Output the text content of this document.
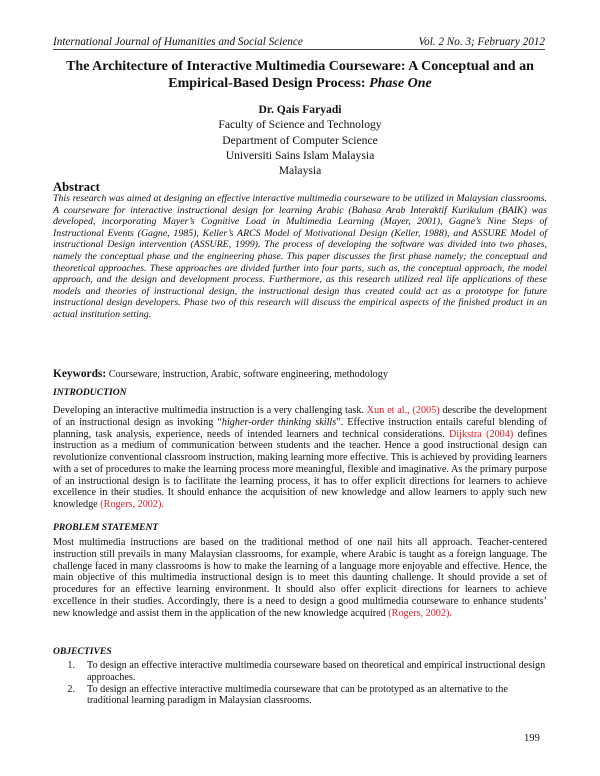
International Journal of Humanities and Social Science	Vol. 2 No. 3; February 2012
The Architecture of Interactive Multimedia Courseware: A Conceptual and an Empirical-Based Design Process: Phase One
Dr. Qais Faryadi
Faculty of Science and Technology
Department of Computer Science
Universiti Sains Islam Malaysia
Malaysia
Abstract
This research was aimed at designing an effective interactive multimedia courseware to be utilized in Malaysian classrooms. A courseware for interactive instructional design for learning Arabic (Bahasa Arab Interaktif Kurikulum (BAIK) was developed, incorporating Mayer’s Cognitive Load in Multimedia Learning (Mayer, 2001), Gagne’s Nine Steps of Instructional Events (Gagne, 1985), Keller’s ARCS Model of Motivational Design (Keller, 1988), and ASSURE Model of instructional Design intervention (ASSURE, 1999). The process of developing the software was divided into two phases, namely the conceptual phase and the engineering phase. This paper discusses the first phase namely; the conceptual and theoretical approaches. These approaches are divided further into four parts, such as, the conceptual approach, the model approach, and the design and development process. Furthermore, as this research utilized real life applications of these models and theories of instructional design, the instructional design thus created could act as a prototype for future instructional design developers. Phase two of this research will discuss the empirical aspects of the finished product in an actual institution setting.
Keywords: Courseware, instruction, Arabic, software engineering, methodology
INTRODUCTION
Developing an interactive multimedia instruction is a very challenging task. Xun et al., (2005) describe the development of an instructional design as invoking “higher-order thinking skills”. Effective instruction entails careful blending of planning, task analysis, experience, needs of intended learners and technical considerations. Dijkstra (2004) defines instruction as a medium of communication between students and the teacher. Hence a good instructional design can revolutionize conventional classroom instruction, making learning more effective. This is achieved by providing learners with a set of procedures to make the learning process more meaningful, flexible and imaginative. As the primary purpose of an instructional design is to facilitate the learning process, it has to offer explicit directions for learners to achieve excellence in their studies. It should enhance the acquisition of new knowledge and allow learners to apply such new knowledge (Rogers, 2002).
PROBLEM STATEMENT
Most multimedia instructions are based on the traditional method of one nail hits all approach. Teacher-centered instruction still prevails in many Malaysian classrooms, for example, where Arabic is taught as a foreign language. The challenge faced in many classrooms is how to make the learning of a language more enjoyable and effective. Hence, the main objective of this multimedia instructional design is to meet this daunting challenge. It should provide a set of procedures for an effective learning environment. It should also offer explicit directions for learners to achieve excellence in their studies. Accordingly, there is a need to design a good multimedia courseware to enhance students’ new knowledge and assist them in the application of the new knowledge acquired (Rogers, 2002).
OBJECTIVES
1.	To design an effective interactive multimedia courseware based on theoretical and empirical instructional design approaches.
2.	To design an effective interactive multimedia courseware that can be prototyped as an alternative to the traditional learning paradigm in Malaysian classrooms.
199
